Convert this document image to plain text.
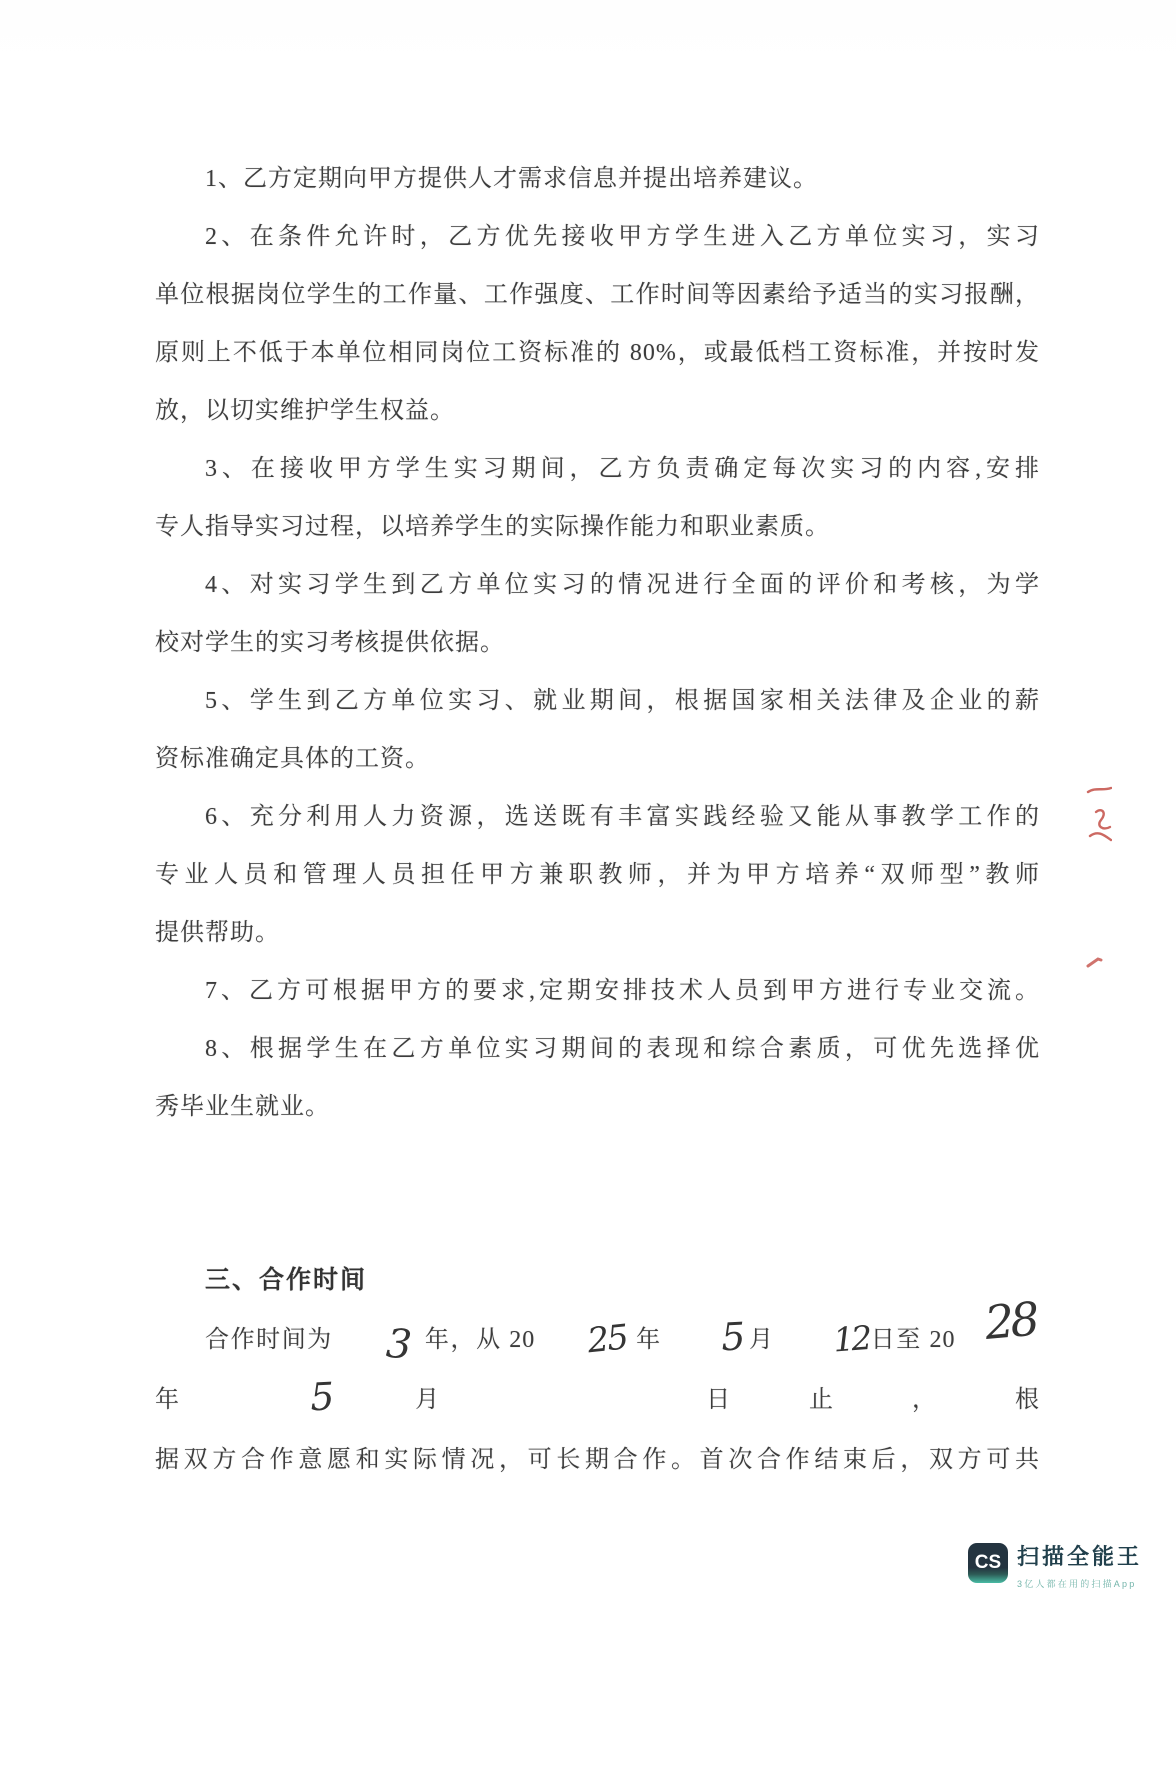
1、乙方定期向甲方提供人才需求信息并提出培养建议。
2、在条件允许时，乙方优先接收甲方学生进入乙方单位实习，实习
单位根据岗位学生的工作量、工作强度、工作时间等因素给予适当的实习报酬，
原则上不低于本单位相同岗位工资标准的 80%，或最低档工资标准，并按时发
放，以切实维护学生权益。
3、在接收甲方学生实习期间，乙方负责确定每次实习的内容,安排
专人指导实习过程，以培养学生的实际操作能力和职业素质。
4、对实习学生到乙方单位实习的情况进行全面的评价和考核，为学
校对学生的实习考核提供依据。
5、学生到乙方单位实习、就业期间，根据国家相关法律及企业的薪
资标准确定具体的工资。
6、充分利用人力资源，选送既有丰富实践经验又能从事教学工作的
专业人员和管理人员担任甲方兼职教师，并为甲方培养“双师型”教师
提供帮助。
7、乙方可根据甲方的要求,定期安排技术人员到甲方进行专业交流。
8、根据学生在乙方单位实习期间的表现和综合素质，可优先选择优
秀毕业生就业。
三、合作时间
合作时间为 3 年，从 20 25 年 5月 12日至 20 28年 5月　 日止，根
据双方合作意愿和实际情况，可长期合作。首次合作结束后，双方可共
CS 扫描全能王
3亿人都在用的扫描App
